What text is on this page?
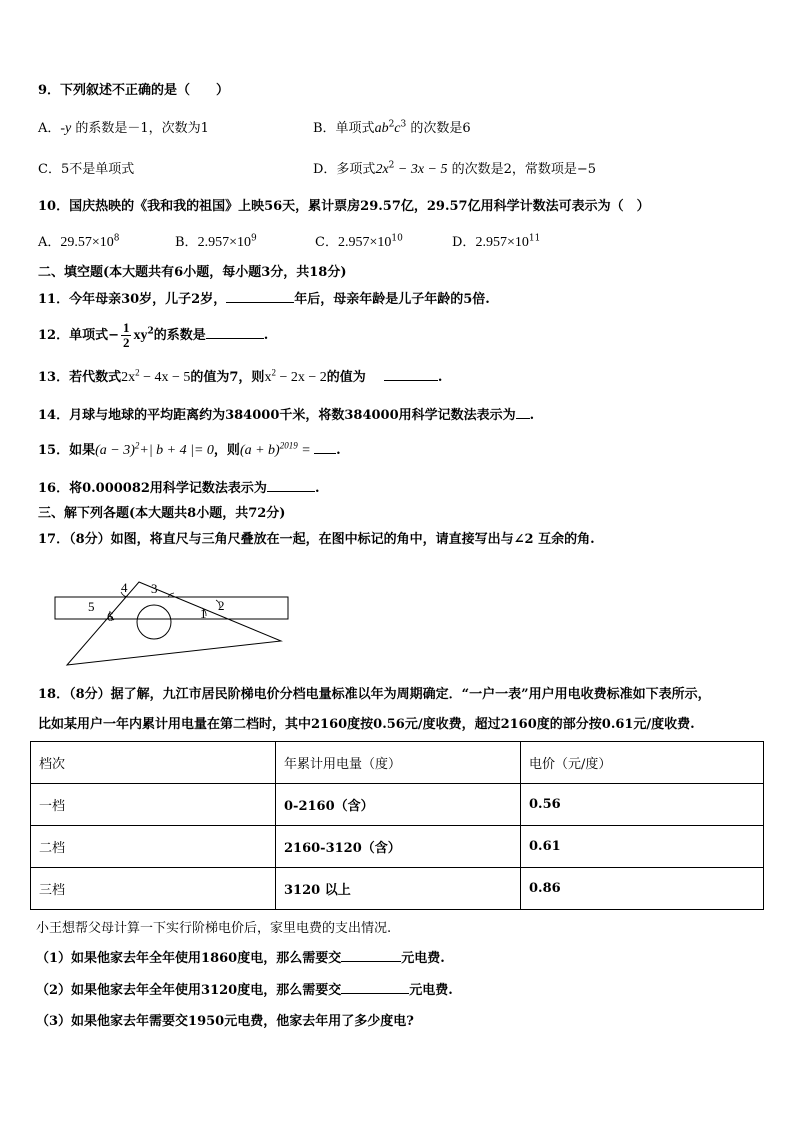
9．下列叙述不正确的是（　　）
A．-y 的系数是－1，次数为1	B．单项式$ab^2c^3$ 的次数是6
C．5不是单项式	D．多项式$2x^2 - 3x - 5$ 的次数是2，常数项是−5
10．国庆热映的《我和我的祖国》上映56天，累计票房29.57亿，29.57亿用科学计数法可表示为（　）
A．$29.57\times 10^8$	B．$2.957\times 10^9$	C．$2.957\times 10^{10}$	D．$2.957\times 10^{11}$
二、填空题(本大题共有6小题，每小题3分，共18分)
11．今年母亲30岁，儿子2岁，	年后，母亲年龄是儿子年龄的5倍.
12．单项式− $\frac{1}{2} xy^2$的系数是	.
13．若代数式$2x^2 - 4x - 5$的值为7，则$x^2 - 2x - 2$的值为	.
14．月球与地球的平均距离约为384000千米，将数384000用科学记数法表示为 .
15．如果$(a - 3)^2+|$ b + 4 |= 0，则$(a + b)^{2019}$ = .
16．将0.000082用科学记数法表示为	.
三、解下列各题(本大题共8小题，共72分)
17．（8分）如图，将直尺与三角尺叠放在一起，在图中标记的角中，请直接写出与∠2 互余的角.
4 3
5
6	1
2
18．（8分）据了解，九江市居民阶梯电价分档电量标准以年为周期确定．“一户一表”用户用电收费标准如下表所示，
比如某用户一年内累计用电量在第二档时，其中2160度按0.56元/度收费，超过2160度的部分按0.61元/度收费.
档次	年累计用电量（度）	电价（元/度）
一档	0-2160（含）	0.56
二档	2160-3120（含）	0.61
三档	3120 以上	0.86
小王想帮父母计算一下实行阶梯电价后，家里电费的支出情况.
（1）如果他家去年全年使用1860度电，那么需要交	元电费.
（2）如果他家去年全年使用3120度电，那么需要交	元电费.
（3）如果他家去年需要交1950元电费，他家去年用了多少度电?
